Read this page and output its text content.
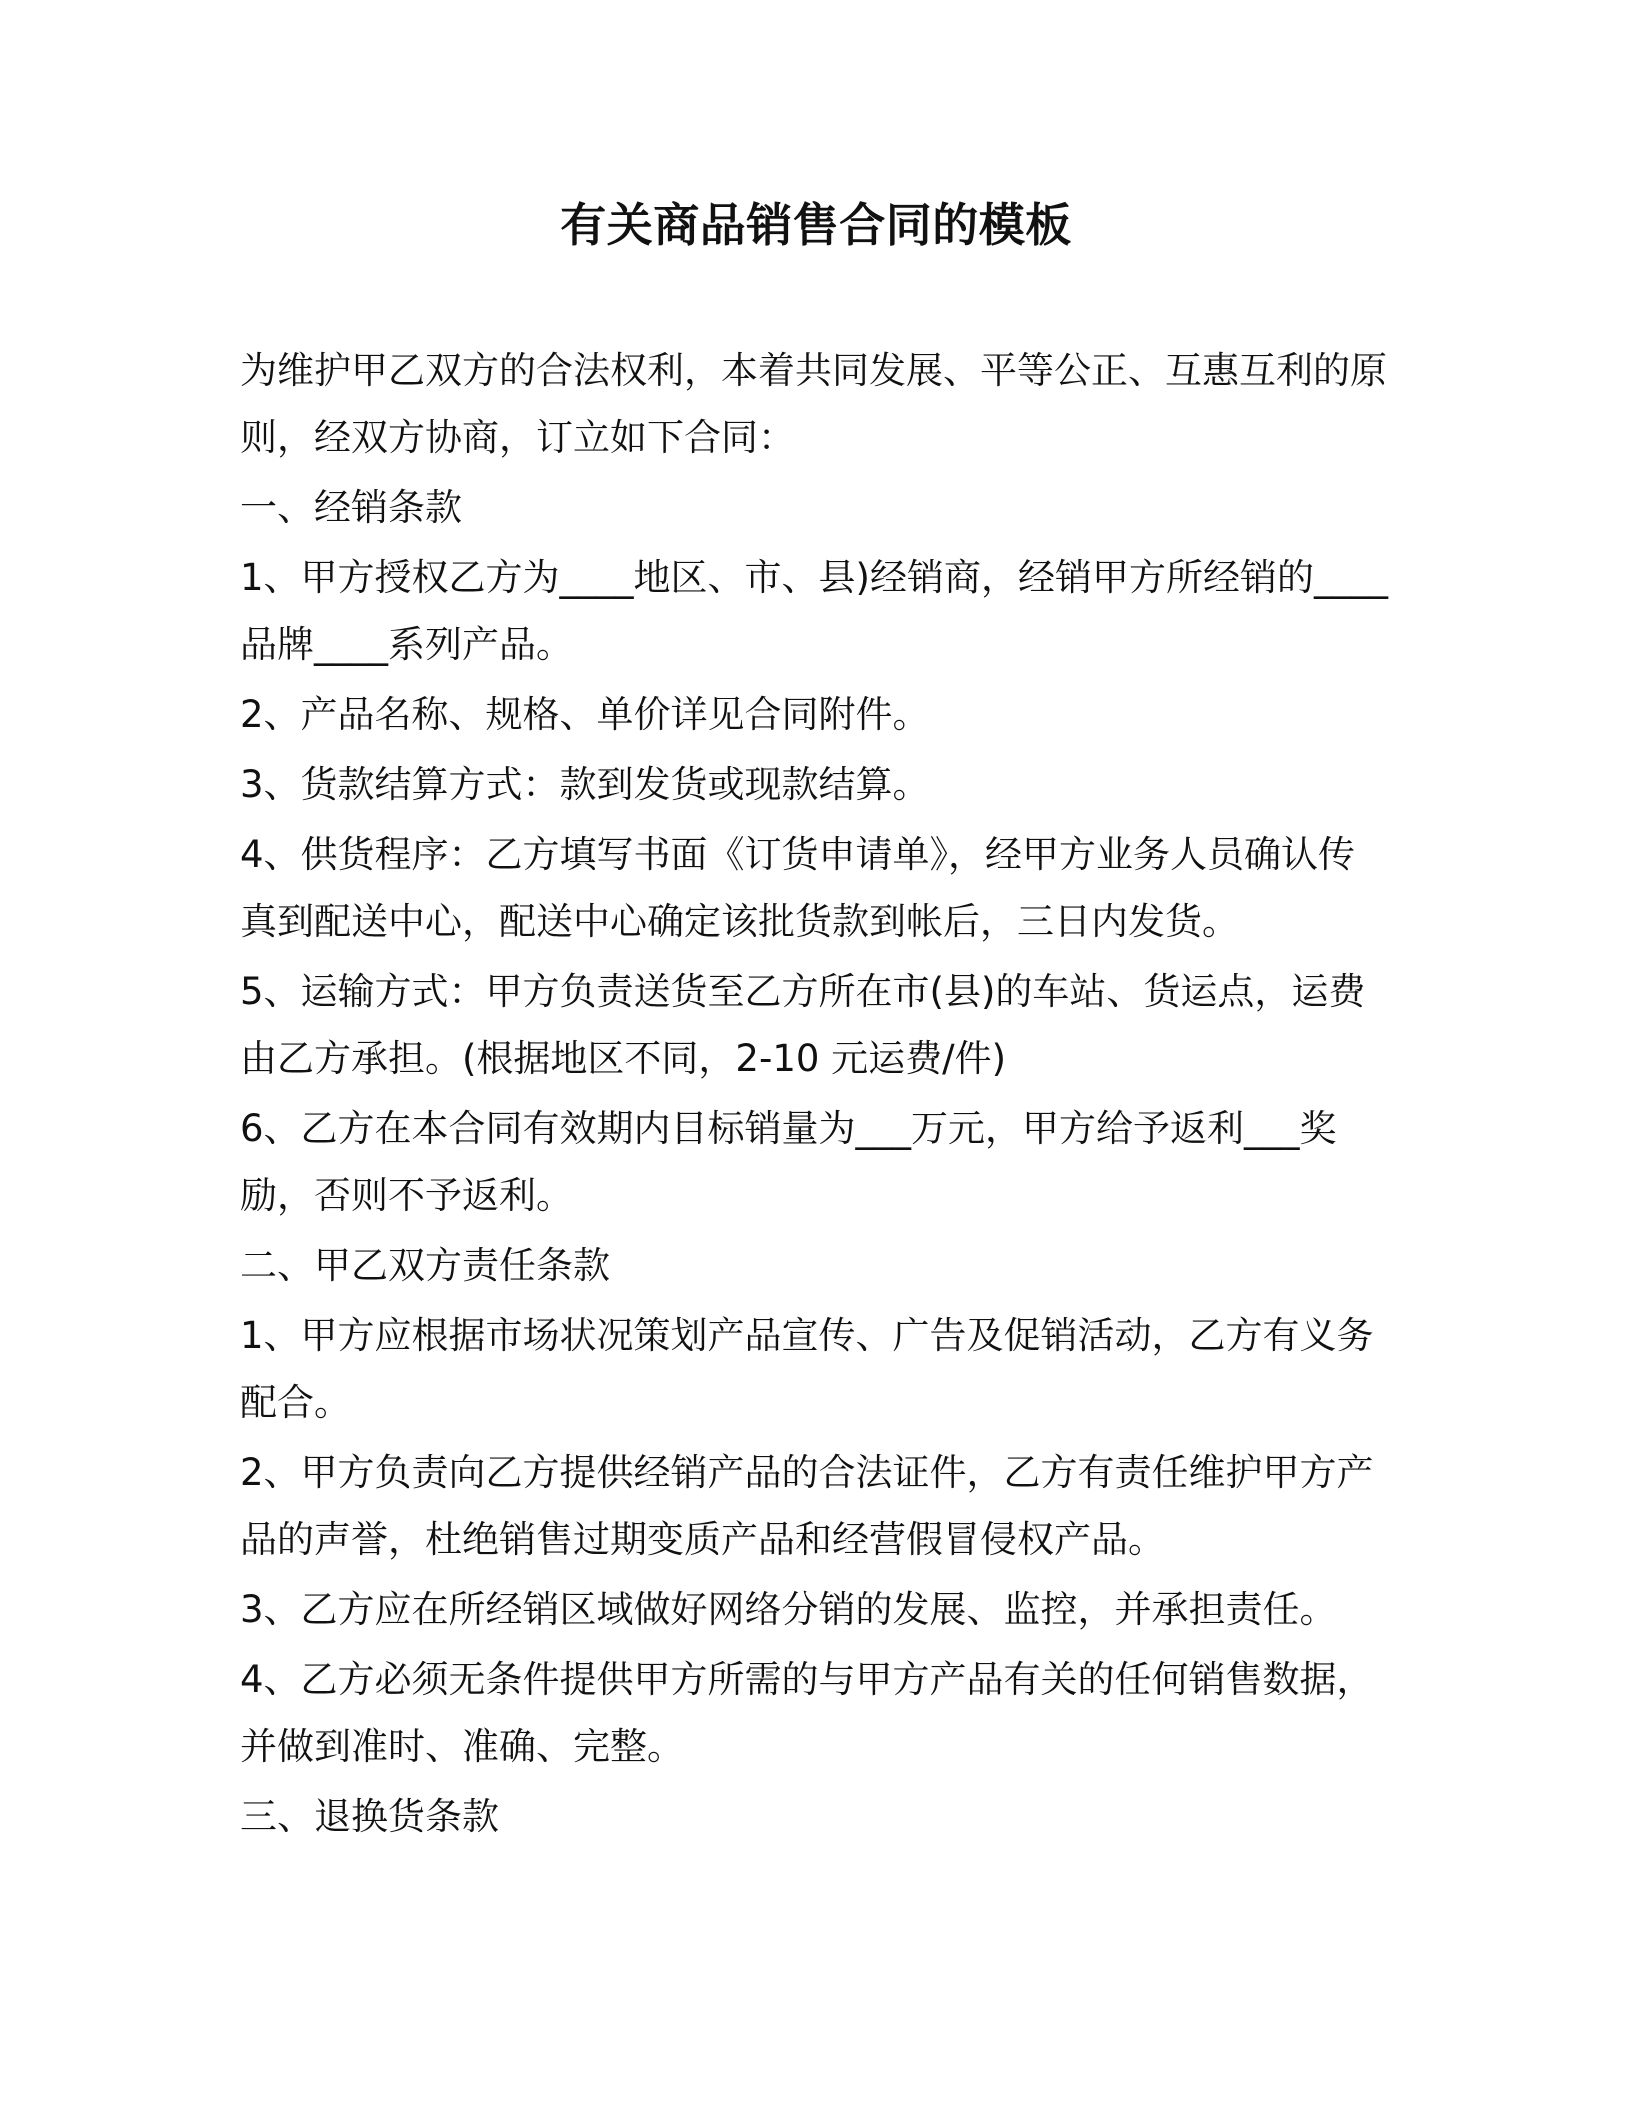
有关商品销售合同的模板

为维护甲乙双方的合法权利，本着共同发展、平等公正、互惠互利的原则，经双方协商，订立如下合同：

一、经销条款

1、甲方授权乙方为____地区、市、县)经销商，经销甲方所经销的____品牌____系列产品。

2、产品名称、规格、单价详见合同附件。

3、货款结算方式：款到发货或现款结算。

4、供货程序：乙方填写书面《订货申请单》，经甲方业务人员确认传真到配送中心，配送中心确定该批货款到帐后，三日内发货。

5、运输方式：甲方负责送货至乙方所在市(县)的车站、货运点，运费由乙方承担。(根据地区不同，2-10 元运费/件)

6、乙方在本合同有效期内目标销量为___万元，甲方给予返利___奖励，否则不予返利。

二、甲乙双方责任条款

1、甲方应根据市场状况策划产品宣传、广告及促销活动，乙方有义务配合。

2、甲方负责向乙方提供经销产品的合法证件，乙方有责任维护甲方产品的声誉，杜绝销售过期变质产品和经营假冒侵权产品。

3、乙方应在所经销区域做好网络分销的发展、监控，并承担责任。

4、乙方必须无条件提供甲方所需的与甲方产品有关的任何销售数据，并做到准时、准确、完整。

三、退换货条款
